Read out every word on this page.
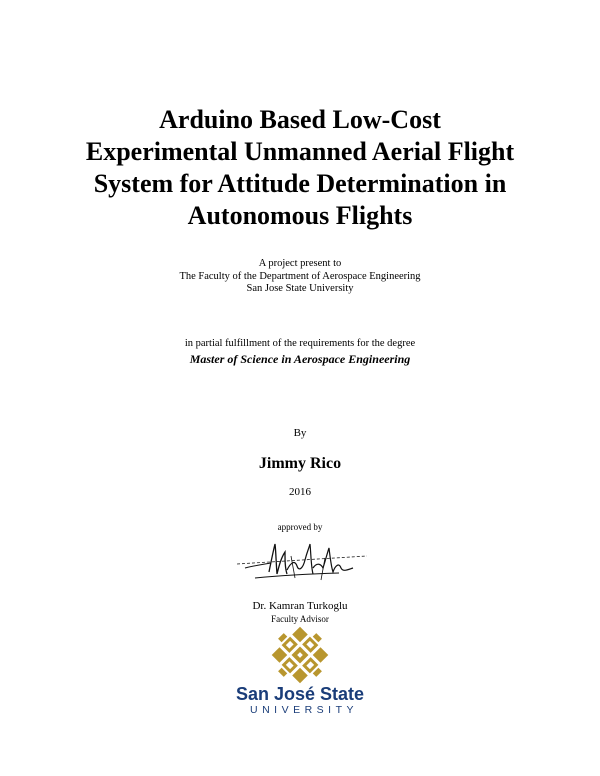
Arduino Based Low-Cost
Experimental Unmanned Aerial Flight
System for Attitude Determination in
Autonomous Flights
A project present to
The Faculty of the Department of Aerospace Engineering
San Jose State University
in partial fulfillment of the requirements for the degree
Master of Science in Aerospace Engineering
By
Jimmy Rico
2016
approved by
Dr. Kamran Turkoglu
Faculty Advisor
San José State
UNIVERSITY
